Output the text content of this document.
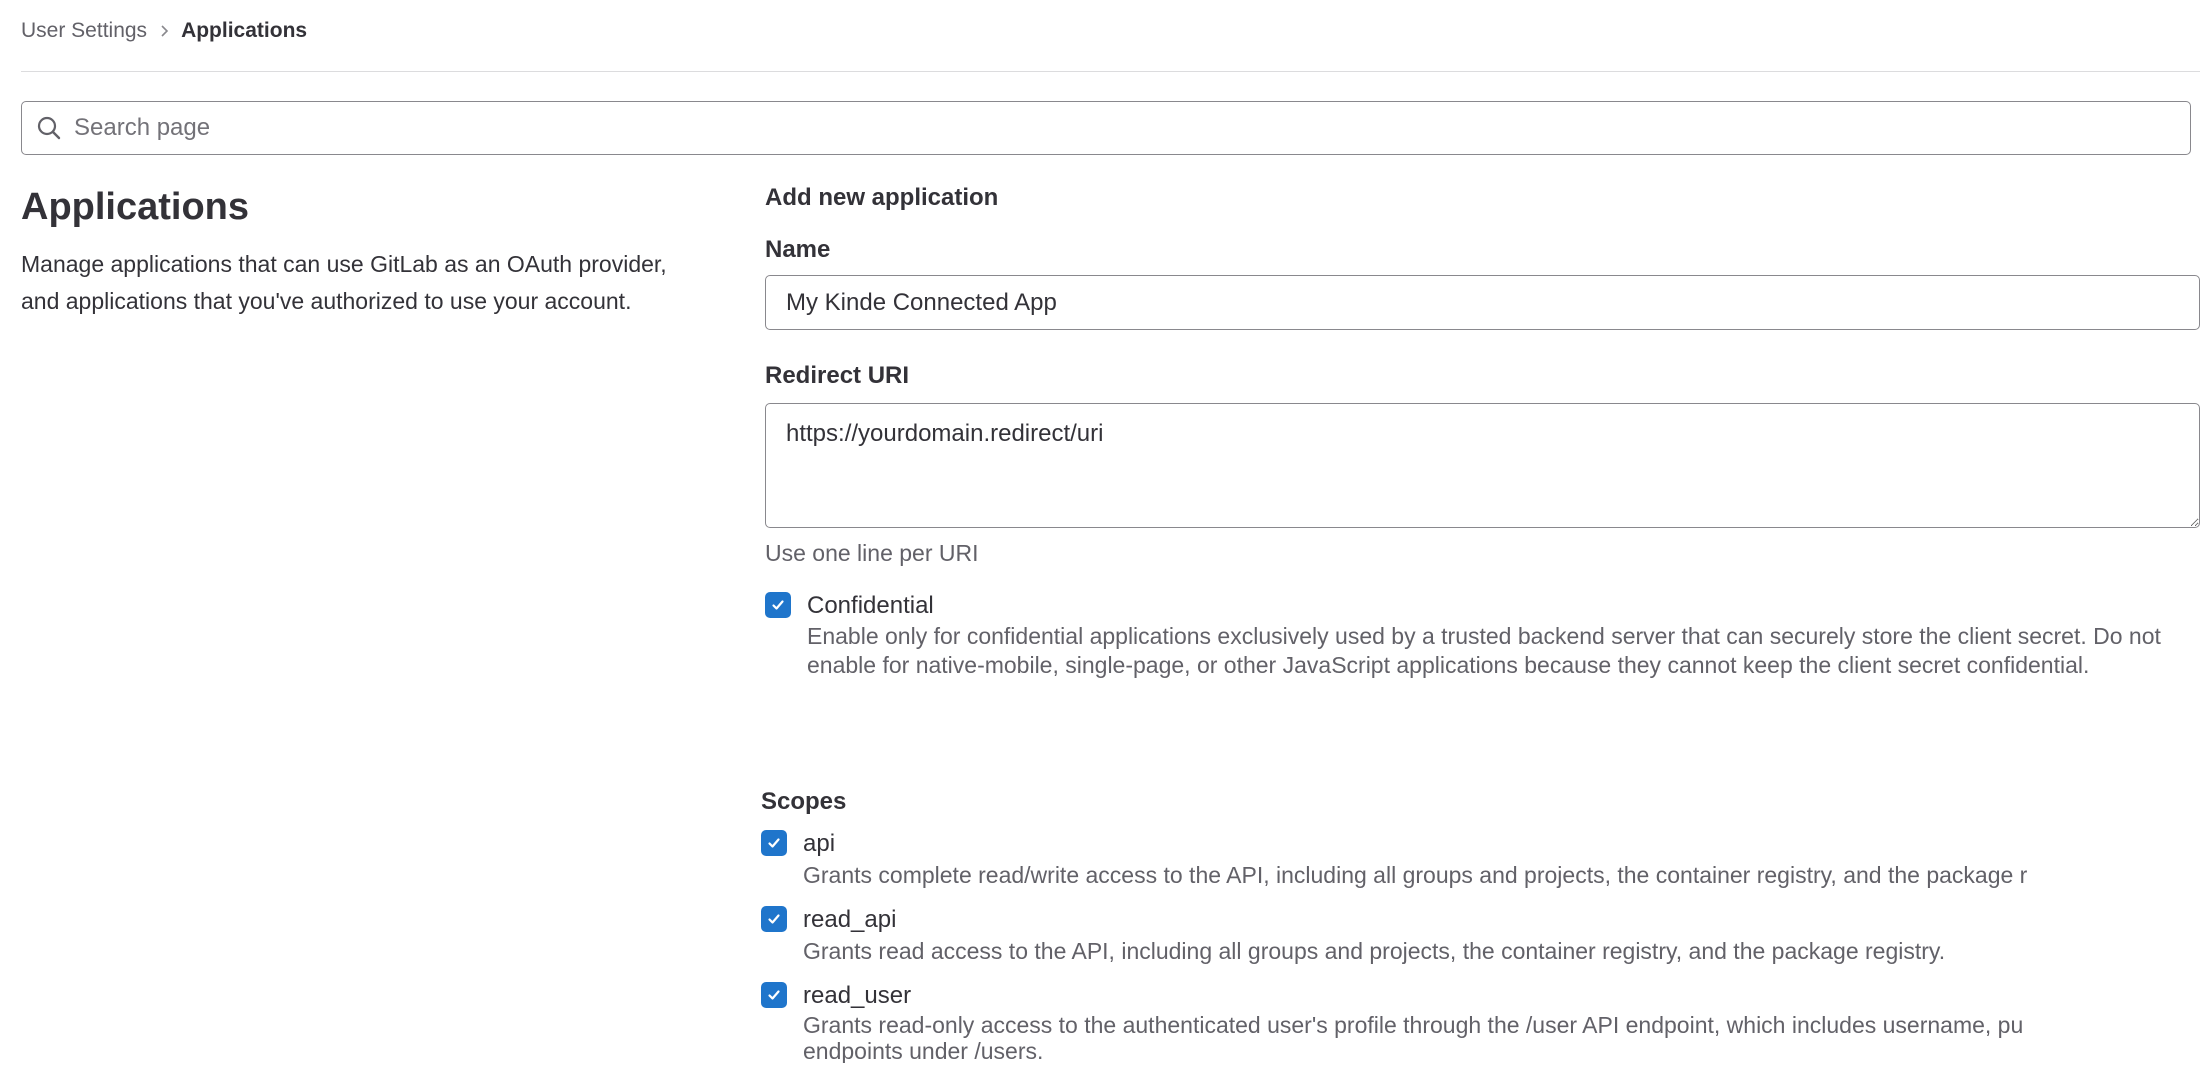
User Settings Applications
Search page
Applications
Manage applications that can use GitLab as an OAuth provider, and applications that you've authorized to use your account.
Add new application
Name
My Kinde Connected App
Redirect URI
https://yourdomain.redirect/uri
Use one line per URI
Confidential
Enable only for confidential applications exclusively used by a trusted backend server that can securely store the client secret. Do not enable for native-mobile, single-page, or other JavaScript applications because they cannot keep the client secret confidential.
Scopes
api
Grants complete read/write access to the API, including all groups and projects, the container registry, and the package r
read_api
Grants read access to the API, including all groups and projects, the container registry, and the package registry.
read_user
Grants read-only access to the authenticated user's profile through the /user API endpoint, which includes username, pu
endpoints under /users.
